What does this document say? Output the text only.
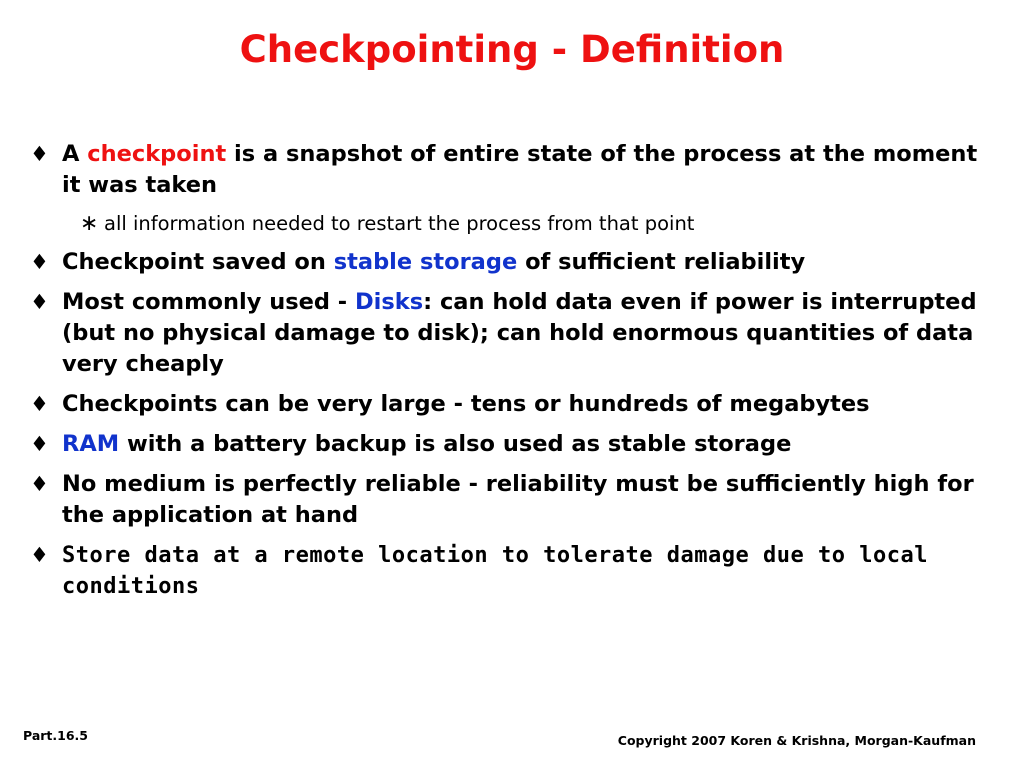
Checkpointing - Definition
♦ A checkpoint is a snapshot of entire state of the process at the moment it was taken
∗ all information needed to restart the process from that point
♦ Checkpoint saved on stable storage of sufficient reliability
♦ Most commonly used - Disks: can hold data even if power is interrupted (but no physical damage to disk); can hold enormous quantities of data very cheaply
♦ Checkpoints can be very large - tens or hundreds of megabytes
♦ RAM with a battery backup is also used as stable storage
♦ No medium is perfectly reliable - reliability must be sufficiently high for the application at hand
♦ Store data at a remote location to tolerate damage due to local conditions
Part.16.5	Copyright 2007 Koren & Krishna, Morgan-Kaufman
